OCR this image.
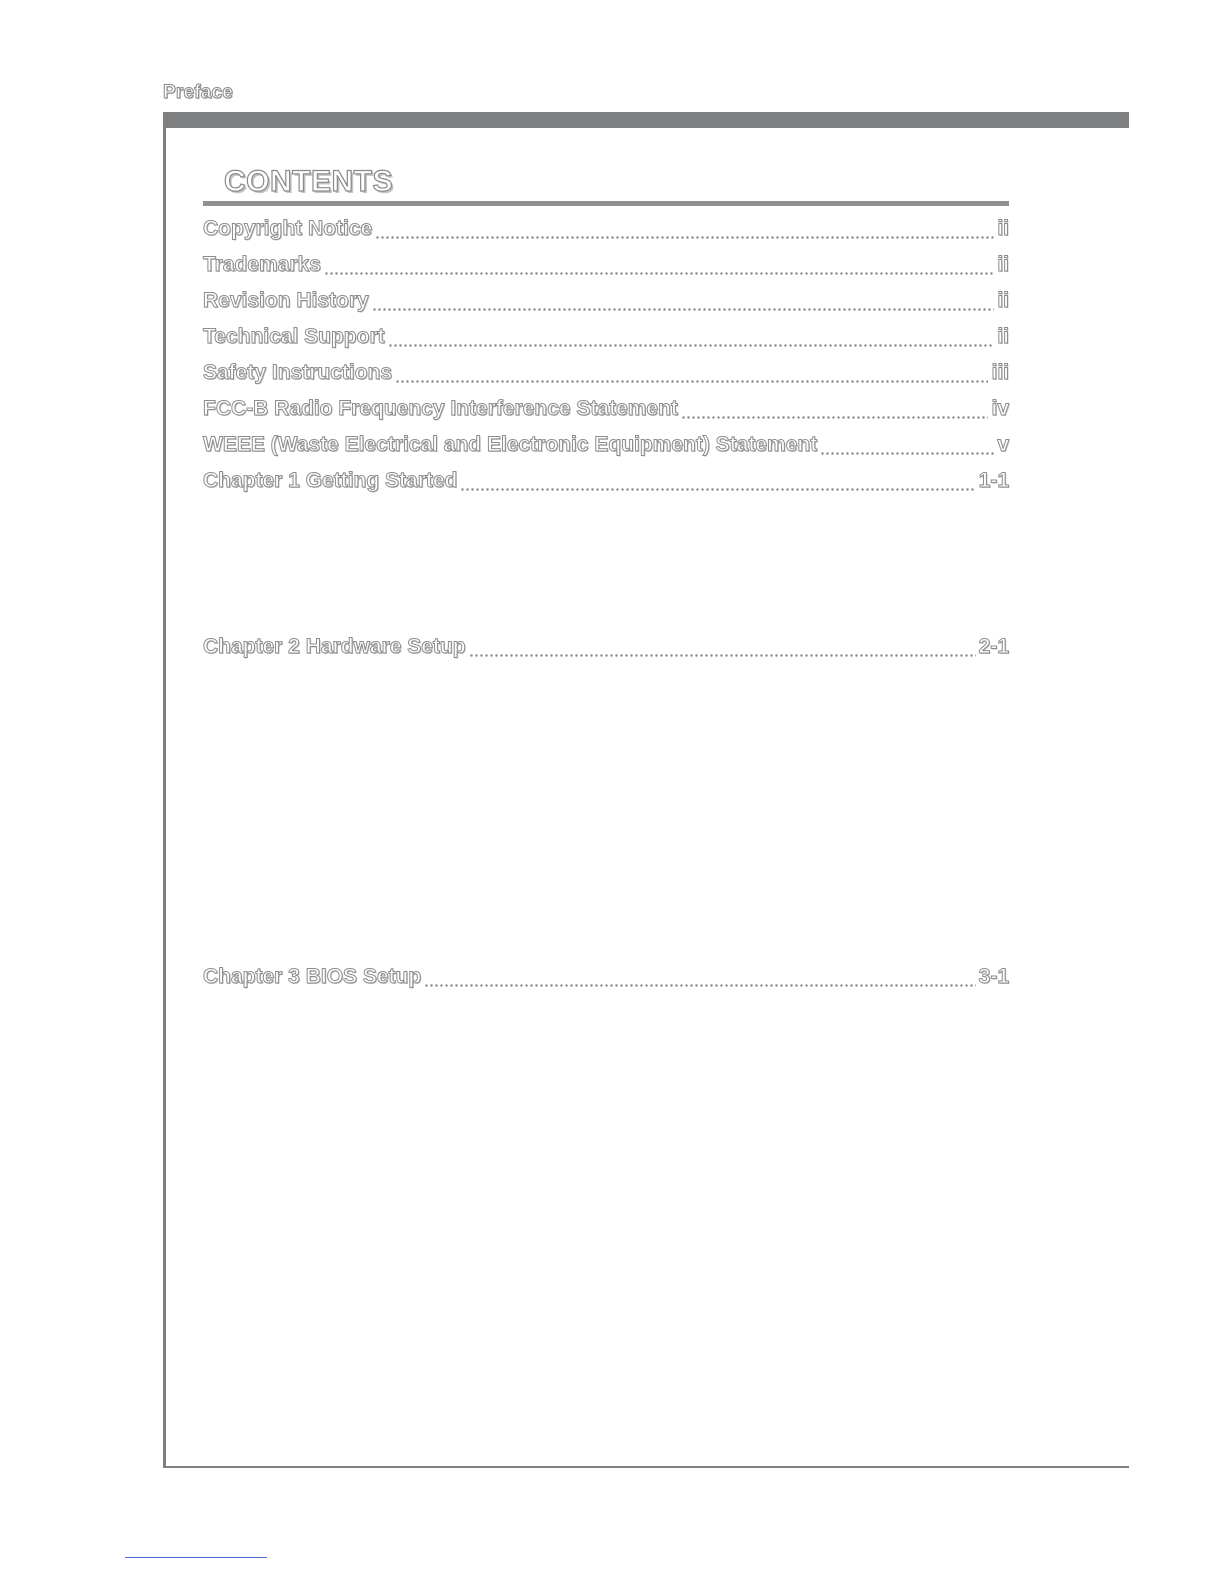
Preface
CONTENTS
Copyright Notice	ii
Trademarks	ii
Revision History	ii
Technical Support	ii
Safety Instructions	iii
FCC-B Radio Frequency Interference Statement	iv
WEEE (Waste Electrical and Electronic Equipment) Statement	v
Chapter 1 Getting Started	1-1
Chapter 2 Hardware Setup	2-1
Chapter 3 BIOS Setup	3-1
